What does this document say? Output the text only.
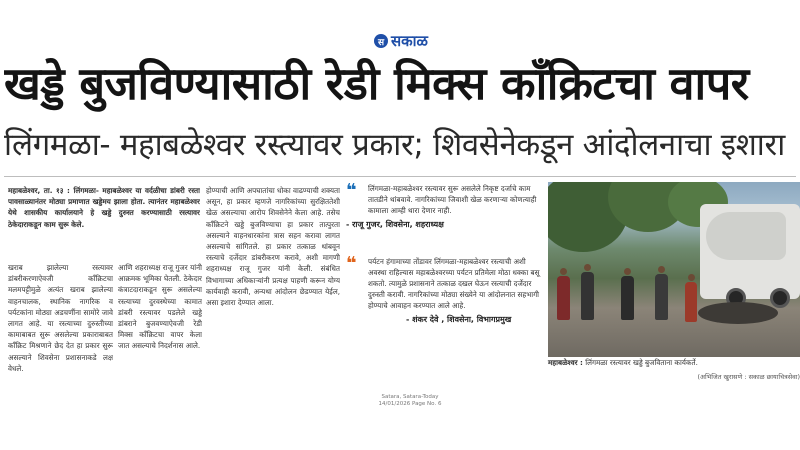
स सकाळ
खड्डे बुजविण्यासाठी रेडी मिक्स कॉंक्रिटचा वापर
लिंगमळा- महाबळेश्वर रस्त्यावर प्रकार; शिवसेनेकडून आंदोलनाचा इशारा
महाबळेश्वर, ता. १३ : लिंगमळा- महाबळेश्वर या वर्दळीचा डांबरी रस्ता पावसाळ्यानंतर मोठ्या प्रमाणात खड्डेमय झाला होता. त्यानंतर महाबळेश्वर येथे शासकीय कार्यालयाने हे खड्डे दुरुस्त करण्यासाठी रस्त्यावर ठेकेदाराकडून काम सुरू केले.
खराब झालेल्या रस्त्यावर डांबरीकरणाऐवजी काँक्रिटचा मलमपट्टीमुळे अत्यंत खराब झालेल्या वाहनचालक, स्थानिक नागरिक व पर्यटकांना मोठ्या अडचणींना सामोरे जावे लागत आहे. या रस्त्याच्या दुरुस्तीच्या कामाबाबत सुरू असलेल्या प्रकाराबाबत काँक्रिट मिश्रणाने छेद देत हा प्रकार सुरू असल्याने शिवसेना प्रशासनाकडे लक्ष वेधले.
आणि शहराध्यक्ष राजू गुजर यांनी आक्रमक भूमिका घेतली. ठेकेदार कंत्राटदाराकडून सुरू असलेल्या रस्त्याच्या दुरवस्थेच्या कामात डांबरी रस्त्यावर पडलेले खड्डे डांबराने बुजवण्याऐवजी रेडी मिक्स काँक्रिटचा वापर केला जात असल्याचे निदर्शनास आले.
होण्याची आणि अपघातांचा धोका वाढण्याची शक्यता असून, हा प्रकार म्हणजे नागरिकांच्या सुरक्षिततेशी खेळ असल्याचा आरोप शिवसेनेने केला आहे. तसेच काँक्रिटने खड्डे बुजविण्याचा हा प्रकार तात्पुरता असल्याने वाहनधारकांना त्रास सहन करावा लागत असल्याचे सांगितले. हा प्रकार तत्काळ थांबवून रस्त्याचे दर्जेदार डांबरीकरण करावे, अशी मागणी शहराध्यक्ष राजू गुजर यांनी केली. संबंधित विभागाच्या अधिकाऱ्यांनी प्रत्यक्ष पाहणी करून योग्य कार्यवाही करावी, अन्यथा आंदोलन छेडण्यात येईल, असा इशारा देण्यात आला.
❝ लिंगमळा-महाबळेश्वर रस्त्यावर सुरू असलेले निकृष्ट दर्जाचे काम तातडीने थांबवावे. नागरिकांच्या जिवाशी खेळ करणाऱ्या कोणत्याही कामाला आम्ही थारा देणार नाही.
- राजू गुजर, शिवसेना, शहराध्यक्ष
❝ पर्यटन हंगामाच्या तोंडावर लिंगमळा-महाबळेश्वर रस्त्याची अशी अवस्था राहिल्यास महाबळेश्वरच्या पर्यटन प्रतिमेला मोठा धक्का बसू शकतो. त्यामुळे प्रशासनाने तत्काळ दखल घेऊन रस्त्याची दर्जेदार दुरुस्ती करावी. नागरिकांच्या मोठ्या संख्येने या आंदोलनात सहभागी होण्याचे आवाहन करण्यात आले आहे.
- शंकर देवे , शिवसेना, विभागप्रमुख
महाबळेश्वर : लिंगमळा रस्त्यावर खड्डे बुजविताना कार्यकर्ते.
(अभिजित खुरासणे : सकाळ छायाचित्रसेवा)
Satara, Satara-Today
14/01/2026 Page No. 6
